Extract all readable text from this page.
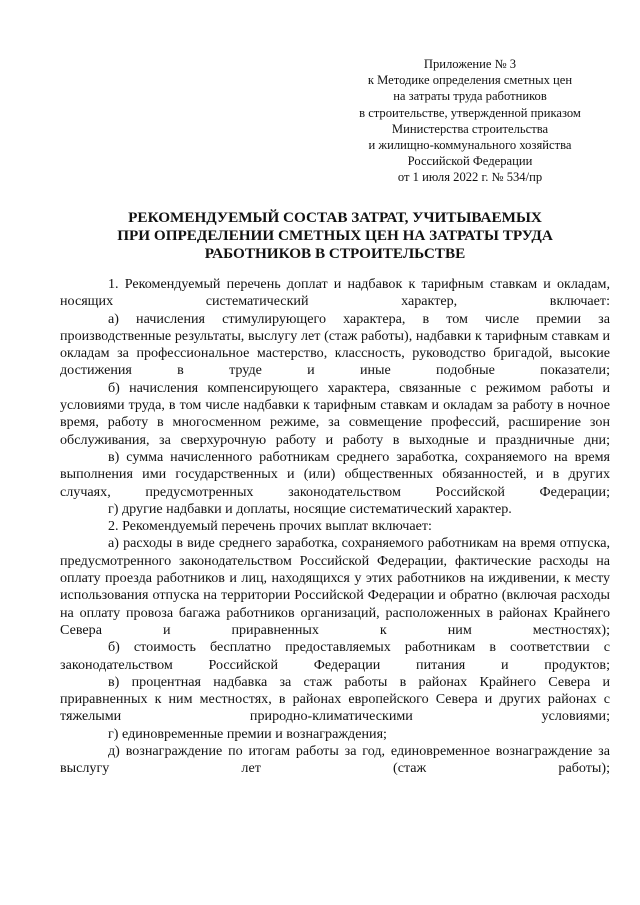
Приложение № 3
к Методике определения сметных цен
на затраты труда работников
в строительстве, утвержденной приказом
Министерства строительства
и жилищно-коммунального хозяйства
Российской Федерации
от 1 июля 2022 г. № 534/пр
РЕКОМЕНДУЕМЫЙ СОСТАВ ЗАТРАТ, УЧИТЫВАЕМЫХ
ПРИ ОПРЕДЕЛЕНИИ СМЕТНЫХ ЦЕН НА ЗАТРАТЫ ТРУДА
РАБОТНИКОВ В СТРОИТЕЛЬСТВЕ

1. Рекомендуемый перечень доплат и надбавок к тарифным ставкам и окладам, носящих систематический характер, включает:

а) начисления стимулирующего характера, в том числе премии за производственные результаты, выслугу лет (стаж работы), надбавки к тарифным ставкам и окладам за профессиональное мастерство, классность, руководство бригадой, высокие достижения в труде и иные подобные показатели;

б) начисления компенсирующего характера, связанные с режимом работы и условиями труда, в том числе надбавки к тарифным ставкам и окладам за работу в ночное время, работу в многосменном режиме, за совмещение профессий, расширение зон обслуживания, за сверхурочную работу и работу в выходные и праздничные дни;

в) сумма начисленного работникам среднего заработка, сохраняемого на время выполнения ими государственных и (или) общественных обязанностей, и в других случаях, предусмотренных законодательством Российской Федерации;

г) другие надбавки и доплаты, носящие систематический характер.

2. Рекомендуемый перечень прочих выплат включает:

а) расходы в виде среднего заработка, сохраняемого работникам на время отпуска, предусмотренного законодательством Российской Федерации, фактические расходы на оплату проезда работников и лиц, находящихся у этих работников на иждивении, к месту использования отпуска на территории Российской Федерации и обратно (включая расходы на оплату провоза багажа работников организаций, расположенных в районах Крайнего Севера и приравненных к ним местностях);

б) стоимость бесплатно предоставляемых работникам в соответствии с законодательством Российской Федерации питания и продуктов;

в) процентная надбавка за стаж работы в районах Крайнего Севера и приравненных к ним местностях, в районах европейского Севера и других районах с тяжелыми природно-климатическими условиями;

г) единовременные премии и вознаграждения;

д) вознаграждение по итогам работы за год, единовременное вознаграждение за выслугу лет (стаж работы);
